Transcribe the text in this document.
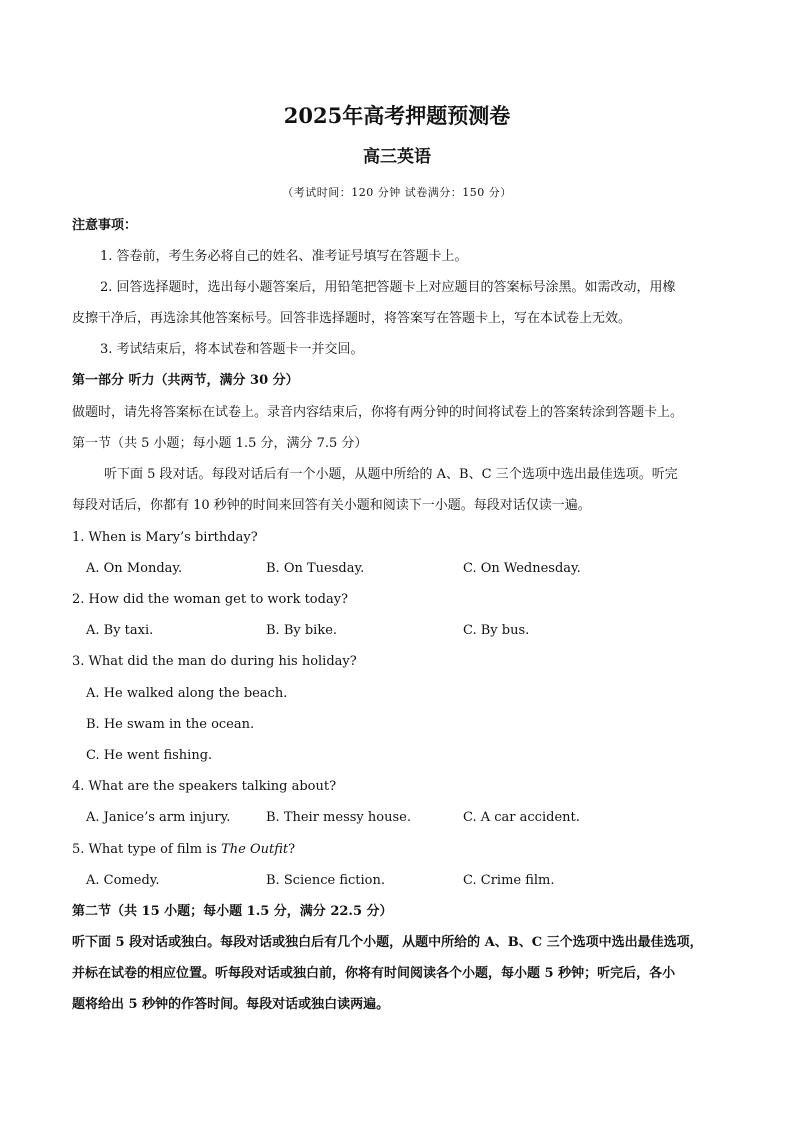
2025年高考押题预测卷
高三英语
（考试时间：120 分钟 试卷满分：150 分）
注意事项：
1. 答卷前，考生务必将自己的姓名、准考证号填写在答题卡上。
2. 回答选择题时，选出每小题答案后，用铅笔把答题卡上对应题目的答案标号涂黑。如需改动，用橡
皮擦干净后，再选涂其他答案标号。回答非选择题时，将答案写在答题卡上，写在本试卷上无效。
3. 考试结束后，将本试卷和答题卡一并交回。
第一部分 听力（共两节，满分 30 分）
做题时，请先将答案标在试卷上。录音内容结束后，你将有两分钟的时间将试卷上的答案转涂到答题卡上。
第一节（共 5 小题；每小题 1.5 分，满分 7.5 分）
听下面 5 段对话。每段对话后有一个小题，从题中所给的 A、B、C 三个选项中选出最佳选项。听完
每段对话后，你都有 10 秒钟的时间来回答有关小题和阅读下一小题。每段对话仅读一遍。
1. When is Mary’s birthday?
A. On Monday.	B. On Tuesday.	C. On Wednesday.
2. How did the woman get to work today?
A. By taxi.	B. By bike.	C. By bus.
3. What did the man do during his holiday?
A. He walked along the beach.
B. He swam in the ocean.
C. He went fishing.
4. What are the speakers talking about?
A. Janice’s arm injury.	B. Their messy house.	C. A car accident.
5. What type of film is The Outfit?
A. Comedy.	B. Science fiction.	C. Crime film.
第二节（共 15 小题；每小题 1.5 分，满分 22.5 分）
听下面 5 段对话或独白。每段对话或独白后有几个小题，从题中所给的 A、B、C 三个选项中选出最佳选项，
并标在试卷的相应位置。听每段对话或独白前，你将有时间阅读各个小题，每小题 5 秒钟；听完后，各小
题将给出 5 秒钟的作答时间。每段对话或独白读两遍。
